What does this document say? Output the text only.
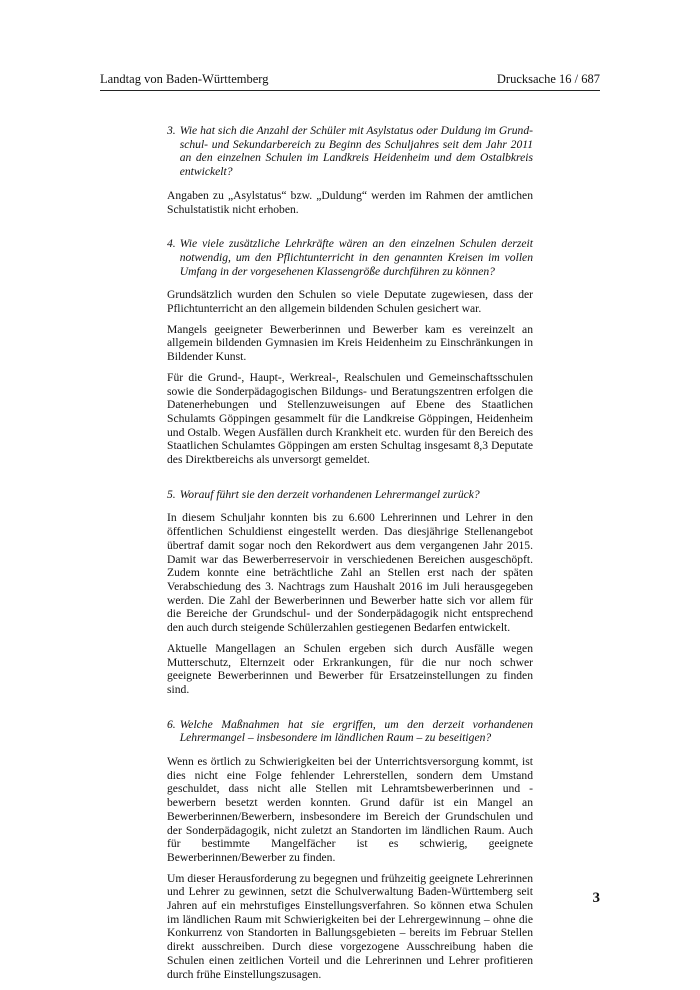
Landtag von Baden-Württemberg	Drucksache 16 / 687
3. Wie hat sich die Anzahl der Schüler mit Asylstatus oder Duldung im Grund-schul- und Sekundarbereich zu Beginn des Schuljahres seit dem Jahr 2011 an den einzelnen Schulen im Landkreis Heidenheim und dem Ostalbkreis entwickelt?

Angaben zu „Asylstatus“ bzw. „Duldung“ werden im Rahmen der amtlichen Schulstatistik nicht erhoben.

4. Wie viele zusätzliche Lehrkräfte wären an den einzelnen Schulen derzeit notwendig, um den Pflichtunterricht in den genannten Kreisen im vollen Umfang in der vorgesehenen Klassengröße durchführen zu können?

Grundsätzlich wurden den Schulen so viele Deputate zugewiesen, dass der Pflichtunterricht an den allgemein bildenden Schulen gesichert war.

Mangels geeigneter Bewerberinnen und Bewerber kam es vereinzelt an allgemein bildenden Gymnasien im Kreis Heidenheim zu Einschränkungen in Bildender Kunst.

Für die Grund-, Haupt-, Werkreal-, Realschulen und Gemeinschaftsschulen sowie die Sonderpädagogischen Bildungs- und Beratungszentren erfolgen die Datenerhebungen und Stellenzuweisungen auf Ebene des Staatlichen Schulamts Göppingen gesammelt für die Landkreise Göppingen, Heidenheim und Ostalb. Wegen Ausfällen durch Krankheit etc. wurden für den Bereich des Staatlichen Schulamtes Göppingen am ersten Schultag insgesamt 8,3 Deputate des Direktbereichs als unversorgt gemeldet.

5. Worauf führt sie den derzeit vorhandenen Lehrermangel zurück?

In diesem Schuljahr konnten bis zu 6.600 Lehrerinnen und Lehrer in den öffentlichen Schuldienst eingestellt werden. Das diesjährige Stellenangebot übertraf damit sogar noch den Rekordwert aus dem vergangenen Jahr 2015. Damit war das Bewerberreservoir in verschiedenen Bereichen ausgeschöpft. Zudem konnte eine beträchtliche Zahl an Stellen erst nach der späten Verabschiedung des 3. Nachtrags zum Haushalt 2016 im Juli herausgegeben werden. Die Zahl der Bewerberinnen und Bewerber hatte sich vor allem für die Bereiche der Grundschul- und der Sonderpädagogik nicht entsprechend den auch durch steigende Schülerzahlen gestiegenen Bedarfen entwickelt.

Aktuelle Mangellagen an Schulen ergeben sich durch Ausfälle wegen Mutterschutz, Elternzeit oder Erkrankungen, für die nur noch schwer geeignete Bewerberinnen und Bewerber für Ersatzeinstellungen zu finden sind.

6. Welche Maßnahmen hat sie ergriffen, um den derzeit vorhandenen Lehrermangel – insbesondere im ländlichen Raum – zu beseitigen?

Wenn es örtlich zu Schwierigkeiten bei der Unterrichtsversorgung kommt, ist dies nicht eine Folge fehlender Lehrerstellen, sondern dem Umstand geschuldet, dass nicht alle Stellen mit Lehramtsbewerberinnen und -bewerbern besetzt werden konnten. Grund dafür ist ein Mangel an Bewerberinnen/Bewerbern, insbesondere im Bereich der Grundschulen und der Sonderpädagogik, nicht zuletzt an Standorten im ländlichen Raum. Auch für bestimmte Mangelfächer ist es schwierig, geeignete Bewerberinnen/Bewerber zu finden.

Um dieser Herausforderung zu begegnen und frühzeitig geeignete Lehrerinnen und Lehrer zu gewinnen, setzt die Schulverwaltung Baden-Württemberg seit Jahren auf ein mehrstufiges Einstellungsverfahren. So können etwa Schulen im ländlichen Raum mit Schwierigkeiten bei der Lehrergewinnung – ohne die Konkurrenz von Standorten in Ballungsgebieten – bereits im Februar Stellen direkt ausschreiben. Durch diese vorgezogene Ausschreibung haben die Schulen einen zeitlichen Vorteil und die Lehrerinnen und Lehrer profitieren durch frühe Einstellungszusagen.

3
